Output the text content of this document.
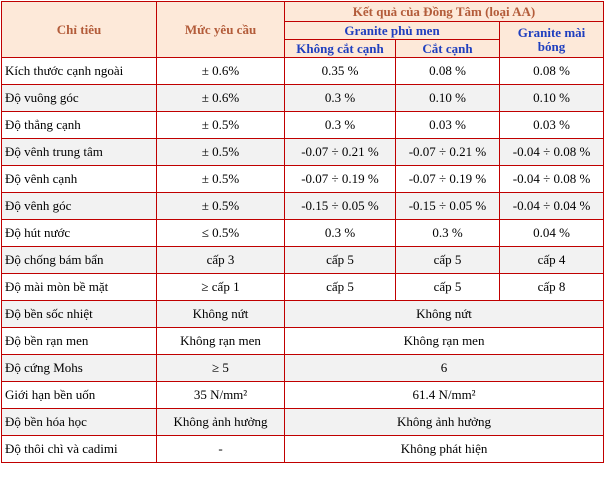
Chỉ tiêu	Mức yêu cầu	Kết quả của Đồng Tâm (loại AA)		
		Granite phủ men		Granite mài bóng
		Không cắt cạnh	Cắt cạnh	
Kích thước cạnh ngoài	± 0.6%	0.35 %	0.08 %	0.08 %
Độ vuông góc	± 0.6%	0.3 %	0.10 %	0.10 %
Độ thẳng cạnh	± 0.5%	0.3 %	0.03 %	0.03 %
Độ vênh trung tâm	± 0.5%	-0.07 ÷ 0.21 %	-0.07 ÷ 0.21 %	-0.04 ÷ 0.08 %
Độ vênh cạnh	± 0.5%	-0.07 ÷ 0.19 %	-0.07 ÷ 0.19 %	-0.04 ÷ 0.08 %
Độ vênh góc	± 0.5%	-0.15 ÷ 0.05 %	-0.15 ÷ 0.05 %	-0.04 ÷ 0.04 %
Độ hút nước	≤ 0.5%	0.3 %	0.3 %	0.04 %
Độ chống bám bẩn	cấp 3	cấp 5	cấp 5	cấp 4
Độ mài mòn bề mặt	≥ cấp 1	cấp 5	cấp 5	cấp 8
Độ bền sốc nhiệt	Không nứt	Không nứt		
Độ bền rạn men	Không rạn men	Không rạn men		
Độ cứng Mohs	≥ 5	6		
Giới hạn bền uốn	35 N/mm²	61.4 N/mm²		
Độ bền hóa học	Không ảnh hưởng	Không ảnh hưởng		
Độ thôi chì và cadimi	-	Không phát hiện		
